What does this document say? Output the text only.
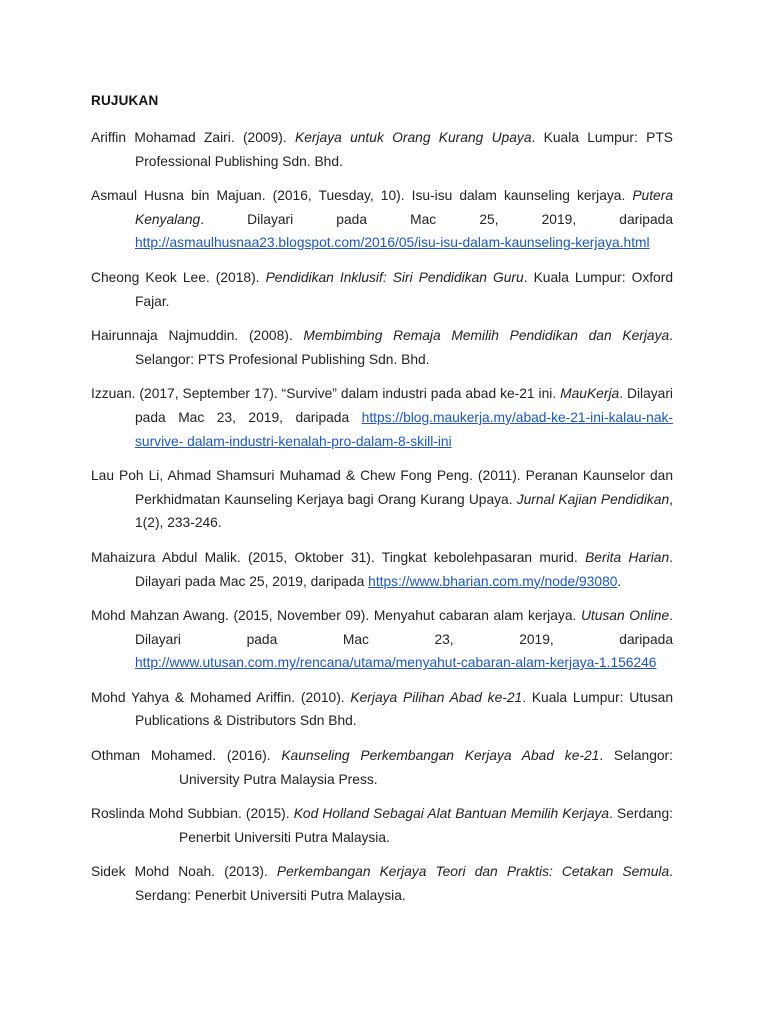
RUJUKAN

Ariffin Mohamad Zairi. (2009). Kerjaya untuk Orang Kurang Upaya. Kuala Lumpur: PTS Professional Publishing Sdn. Bhd.

Asmaul Husna bin Majuan. (2016, Tuesday, 10). Isu-isu dalam kaunseling kerjaya. Putera Kenyalang. Dilayari pada Mac 25, 2019, daripada http://asmaulhusnaa23.blogspot.com/2016/05/isu-isu-dalam-kaunseling-kerjaya.html

Cheong Keok Lee. (2018). Pendidikan Inklusif: Siri Pendidikan Guru. Kuala Lumpur: Oxford Fajar.

Hairunnaja Najmuddin. (2008). Membimbing Remaja Memilih Pendidikan dan Kerjaya. Selangor: PTS Profesional Publishing Sdn. Bhd.

Izzuan. (2017, September 17). “Survive” dalam industri pada abad ke-21 ini. MauKerja. Dilayari pada Mac 23, 2019, daripada https://blog.maukerja.my/abad-ke-21-ini-kalau-nak-survive- dalam-industri-kenalah-pro-dalam-8-skill-ini

Lau Poh Li, Ahmad Shamsuri Muhamad & Chew Fong Peng. (2011). Peranan Kaunselor dan Perkhidmatan Kaunseling Kerjaya bagi Orang Kurang Upaya. Jurnal Kajian Pendidikan, 1(2), 233-246.

Mahaizura Abdul Malik. (2015, Oktober 31). Tingkat kebolehpasaran murid. Berita Harian. Dilayari pada Mac 25, 2019, daripada https://www.bharian.com.my/node/93080.

Mohd Mahzan Awang. (2015, November 09). Menyahut cabaran alam kerjaya. Utusan Online. Dilayari pada Mac 23, 2019, daripada http://www.utusan.com.my/rencana/utama/menyahut-cabaran-alam-kerjaya-1.156246

Mohd Yahya & Mohamed Ariffin. (2010). Kerjaya Pilihan Abad ke-21. Kuala Lumpur: Utusan Publications & Distributors Sdn Bhd.

Othman Mohamed. (2016). Kaunseling Perkembangan Kerjaya Abad ke-21. Selangor: University Putra Malaysia Press.

Roslinda Mohd Subbian. (2015). Kod Holland Sebagai Alat Bantuan Memilih Kerjaya. Serdang: Penerbit Universiti Putra Malaysia.

Sidek Mohd Noah. (2013). Perkembangan Kerjaya Teori dan Praktis: Cetakan Semula. Serdang: Penerbit Universiti Putra Malaysia.
